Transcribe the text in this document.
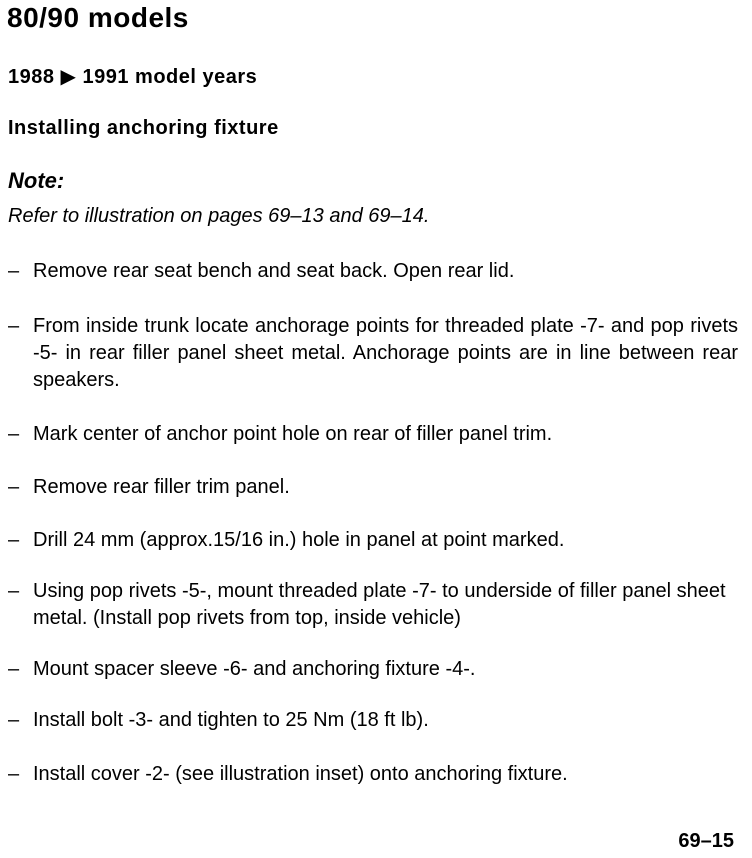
80/90 models
1988 ▶ 1991 model years
Installing anchoring fixture
Note:
Refer to illustration on pages 69–13 and 69–14.
– Remove rear seat bench and seat back. Open rear lid.
– From inside trunk locate anchorage points for threaded plate -7- and pop rivets -5- in rear filler panel sheet metal. Anchorage points are in line between rear speakers.
– Mark center of anchor point hole on rear of filler panel trim.
– Remove rear filler trim panel.
– Drill 24 mm (approx.15/16 in.) hole in panel at point marked.
– Using pop rivets -5-, mount threaded plate -7- to underside of filler panel sheet metal. (Install pop rivets from top, inside vehicle)
– Mount spacer sleeve -6- and anchoring fixture -4-.
– Install bolt -3- and tighten to 25 Nm (18 ft lb).
– Install cover -2- (see illustration inset) onto anchoring fixture.
69–15
